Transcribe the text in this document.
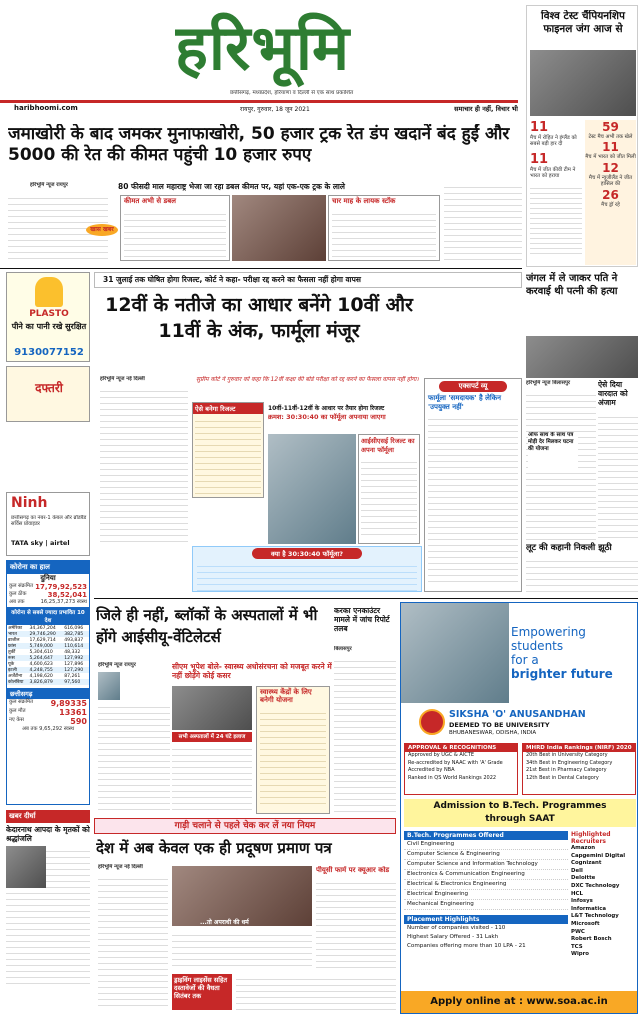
हरिभूमि
छत्तीसगढ़, मध्यप्रदेश, हरियाणा व दिल्ली से एक साथ प्रकाशित
haribhoomi.com	रायपुर, गुरुवार, 18 जून 2021	समाचार ही नहीं, विचार भी
विश्व टेस्ट चैंपियनशिप फाइनल जंग आज से
11
मैच में रोहित ने इंग्लैंड को सबसे बड़ी हार दी
11
मैच में जीत कीवी टीम ने भारत को हराया
59
टेस्ट मैच अभी तक खेले
11
मैच में भारत को जीत मिली
12
मैच में न्यूजीलैंड ने जीत हासिल की
26
मैच ड्रॉ रहे
जमाखोरी के बाद जमकर मुनाफाखोरी, 50 हजार ट्रक रेत डंप खदानें बंद हुईं और 5000 की रेत की कीमत पहुंची 10 हजार रुपए
हरिभूमि न्यूज रायपुर	80 फीसदी माल महाराष्ट्र भेजा जा रहा डबल कीमत पर, यहां एक-एक ट्रक के लाले
खास खबर
कीमत अभी से डबल	चार माह के लायक स्टॉक
PLASTO
पीने का पानी रखे सुरक्षित
9130077152
दफ्तरी
Ninh
छत्तीसगढ़ का नंबर-1 केबल और ब्रॉडबैंड सर्विस प्रोवाइडर
TATA sky | airtel
कोरोना का हाल
दुनिया
कुल संक्रमित 17,79,92,523
कुल ठीक	38,52,041
अब तक	16,25,37,273 स्वस्थ
कोरोना से सबसे ज्यादा प्रभावित 10 देश
अमेरिका	34,367,204	616,096
भारत	29,746,290	382,785
ब्राजील	17,629,714	493,837
फ्रांस	5,749,000	110,614
तुर्की	5,304,610	48,332
रूस	5,264,647	127,992
यूके	4,600,623	127,896
इटली	4,248,755	127,290
अर्जेंटीना	4,198,620	87,261
कोलंबिया	3,826,879	97,560
छत्तीसगढ़
कुल संक्रमित 9,89335
कुल मौत	13361
नए केस	590
अब तक 9,65,292 स्वस्थ
खबर दीर्घा
केदारनाथ आपदा के मृतकों को श्रद्धांजलि
31 जुलाई तक घोषित होगा रिजल्ट, कोर्ट ने कहा- परीक्षा रद्द करने का फैसला नहीं होगा वापस
12वीं के नतीजे का आधार बनेंगे 10वीं और 11वीं के अंक, फार्मूला मंजूर
हरिभूमि न्यूज नई दिल्ली	सुप्रीम कोर्ट ने गुरुवार को कहा कि 12वीं कक्षा की बोर्ड परीक्षा को रद्द करने का फैसला वापस नहीं होगा।
ऐसे बनेगा रिजल्ट	10वीं-11वीं-12वीं के आधार पर तैयार होगा रिजल्ट
क्रमश: 30:30:40 का फॉर्मूला अपनाया जाएगा
आईसीएसई रिजल्ट का अपना फॉर्मूला
क्या है 30:30:40 फॉर्मूला?
एक्सपर्ट व्यू
फार्मूला 'समदायक' है लेकिन 'उपयुक्त नहीं'
जंगल में ले जाकर पति ने करवाई थी पत्नी की हत्या
हरिभूमि न्यूज बिलासपुर	ऐसे दिया वारदात को अंजाम
ऑफ साथ के साथ पत्र मोड़ी देर मिलकर घटना की योजना
लूट की कहानी निकली झूठी
जिले ही नहीं, ब्लॉकों के अस्पतालों में भी होंगे आईसीयू-वेंटिलेटर्स
हरिभूमि न्यूज रायपुर	सीएम भूपेश बोले- स्वास्थ्य अधोसंरचना को मजबूत करने में नहीं छोड़ेंगे कोई कसर
सभी अस्पतालों में 24 घंटे इलाज
स्वास्थ्य केंद्रों के लिए बनेगी योजना
करका एनकाउंटर मामले में जांच रिपोर्ट तलब
बिलासपुर
गाड़ी चलाने से पहले चेक कर लें नया नियम
देश में अब केवल एक ही प्रदूषण प्रमाण पत्र
हरिभूमि न्यूज नई दिल्ली
...तो अपराधी की धर्म
ड्राइविंग लाइसेंस सहित दस्तावेजों की वैधता सितंबर तक
पीयूसी फार्म पर क्यूआर कोड
Empowering
students
for a
brighter future
SIKSHA 'O' ANUSANDHAN
DEEMED TO BE UNIVERSITY
BHUBANESWAR, ODISHA, INDIA
APPROVAL & RECOGNITIONS
Approved by UGC & AICTE
Re-accredited by NAAC with 'A' Grade
Accredited by NBA
Ranked in QS World Rankings 2022
MHRD India Rankings (NIRF) 2020
20th Best in University Category
34th Best in Engineering Category
21st Best in Pharmacy Category
12th Best in Dental Category
Admission to B.Tech. Programmes through SAAT
B.Tech. Programmes Offered
Civil Engineering
Computer Science & Engineering
Computer Science and Information Technology
Electronics & Communication Engineering
Electrical & Electronics Engineering
Electrical Engineering
Mechanical Engineering
Placement Highlights
Number of companies visited - 110
Highest Salary Offered - 31 Lakh
Companies offering more than 10 LPA - 21
Highlighted Recruiters
Amazon
Capgemini Digital
Cognizant
Dell
Deloitte
DXC Technology
HCL
Infosys
Informatica
L&T Technology
Microsoft
PWC
Robert Bosch
TCS
Wipro
Apply online at : www.soa.ac.in
